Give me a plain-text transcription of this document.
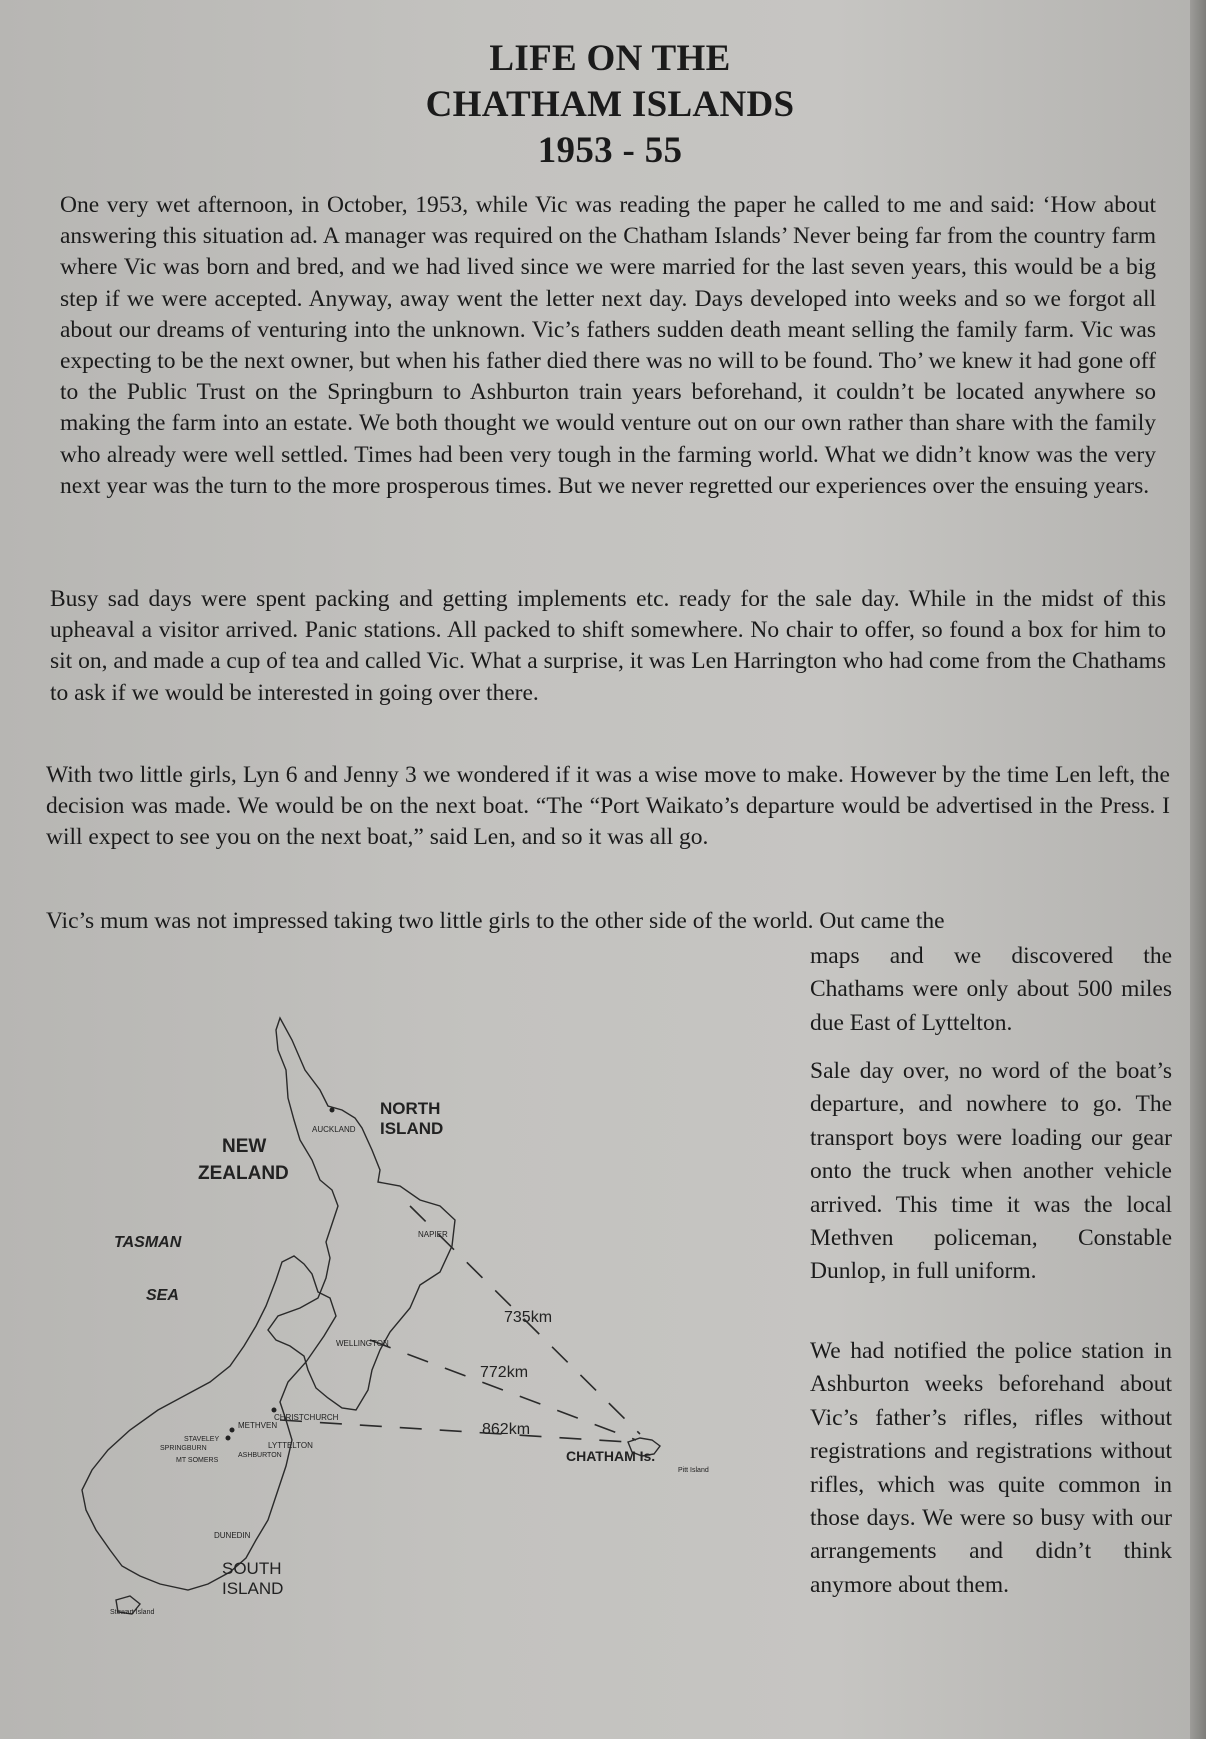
LIFE ON THE
CHATHAM ISLANDS
1953 - 55
One very wet afternoon, in October, 1953, while Vic was reading the paper he called to me and said: ‘How about answering this situation ad. A manager was required on the Chatham Islands’ Never being far from the country farm where Vic was born and bred, and we had lived since we were married for the last seven years, this would be a big step if we were accepted. Anyway, away went the letter next day. Days developed into weeks and so we forgot all about our dreams of venturing into the unknown. Vic’s fathers sudden death meant selling the family farm. Vic was expecting to be the next owner, but when his father died there was no will to be found. Tho’ we knew it had gone off to the Public Trust on the Springburn to Ashburton train years beforehand, it couldn’t be located anywhere so making the farm into an estate. We both thought we would venture out on our own rather than share with the family who already were well settled. Times had been very tough in the farming world. What we didn’t know was the very next year was the turn to the more prosperous times. But we never regretted our experiences over the ensuing years.
Busy sad days were spent packing and getting implements etc. ready for the sale day. While in the midst of this upheaval a visitor arrived. Panic stations. All packed to shift somewhere. No chair to offer, so found a box for him to sit on, and made a cup of tea and called Vic. What a surprise, it was Len Harrington who had come from the Chathams to ask if we would be interested in going over there.
With two little girls, Lyn 6 and Jenny 3 we wondered if it was a wise move to make. However by the time Len left, the decision was made. We would be on the next boat. “The “Port Waikato’s departure would be advertised in the Press. I will expect to see you on the next boat,” said Len, and so it was all go.
Vic’s mum was not impressed taking two little girls to the other side of the world. Out came the
maps and we discovered the Chathams were only about 500 miles due East of Lyttelton.
Sale day over, no word of the boat’s departure, and nowhere to go. The transport boys were loading our gear onto the truck when another vehicle arrived. This time it was the local Methven policeman, Constable Dunlop, in full uniform.
We had notified the police station in Ashburton weeks beforehand about Vic’s father’s rifles, rifles without registrations and registrations without rifles, which was quite common in those days. We were so busy with our arrangements and didn’t think anymore about them.
NORTH
ISLAND
NEW
ZEALAND
TASMAN
SEA
SOUTH
ISLAND
AUCKLAND
NAPIER
WELLINGTON
CHRISTCHURCH
METHVEN
STAVELEY
SPRINGBURN
MT SOMERS
ASHBURTON
LYTTELTON
DUNEDIN
Stewart Island
CHATHAM Is.
Pitt Island
735km
772km
862km
